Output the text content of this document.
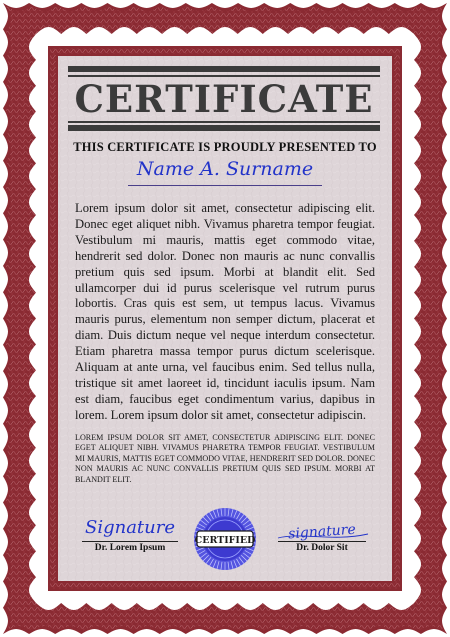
CERTIFICATE
THIS CERTIFICATE IS PROUDLY PRESENTED TO
Name A. Surname
Lorem ipsum dolor sit amet, consectetur adipiscing elit. Donec eget aliquet nibh. Vivamus pharetra tempor feugiat. Vestibulum mi mauris, mattis eget commodo vitae, hendrerit sed dolor. Donec non mauris ac nunc convallis pretium quis sed ipsum. Morbi at blandit elit. Sed ullamcorper dui id purus scelerisque vel rutrum purus lobortis. Cras quis est sem, ut tempus lacus. Vivamus mauris purus, elementum non semper dictum, placerat et diam. Duis dictum neque vel neque interdum consectetur. Etiam pharetra massa tempor purus dictum scelerisque. Aliquam at ante urna, vel faucibus enim. Sed tellus nulla, tristique sit amet laoreet id, tincidunt iaculis ipsum. Nam est diam, faucibus eget condimentum varius, dapibus in lorem. Lorem ipsum dolor sit amet, consectetur adipiscin.
LOREM IPSUM DOLOR SIT AMET, CONSECTETUR ADIPISCING ELIT. DONEC EGET ALIQUET NIBH. VIVAMUS PHARETRA TEMPOR FEUGIAT. VESTIBULUM MI MAURIS, MATTIS EGET COMMODO VITAE, HENDRERIT SED DOLOR. DONEC NON MAURIS AC NUNC CONVALLIS PRETIUM QUIS SED IPSUM. MORBI AT BLANDIT ELIT.
Signature
Dr. Lorem Ipsum
CERTIFIED signature
Dr. Dolor Sit
